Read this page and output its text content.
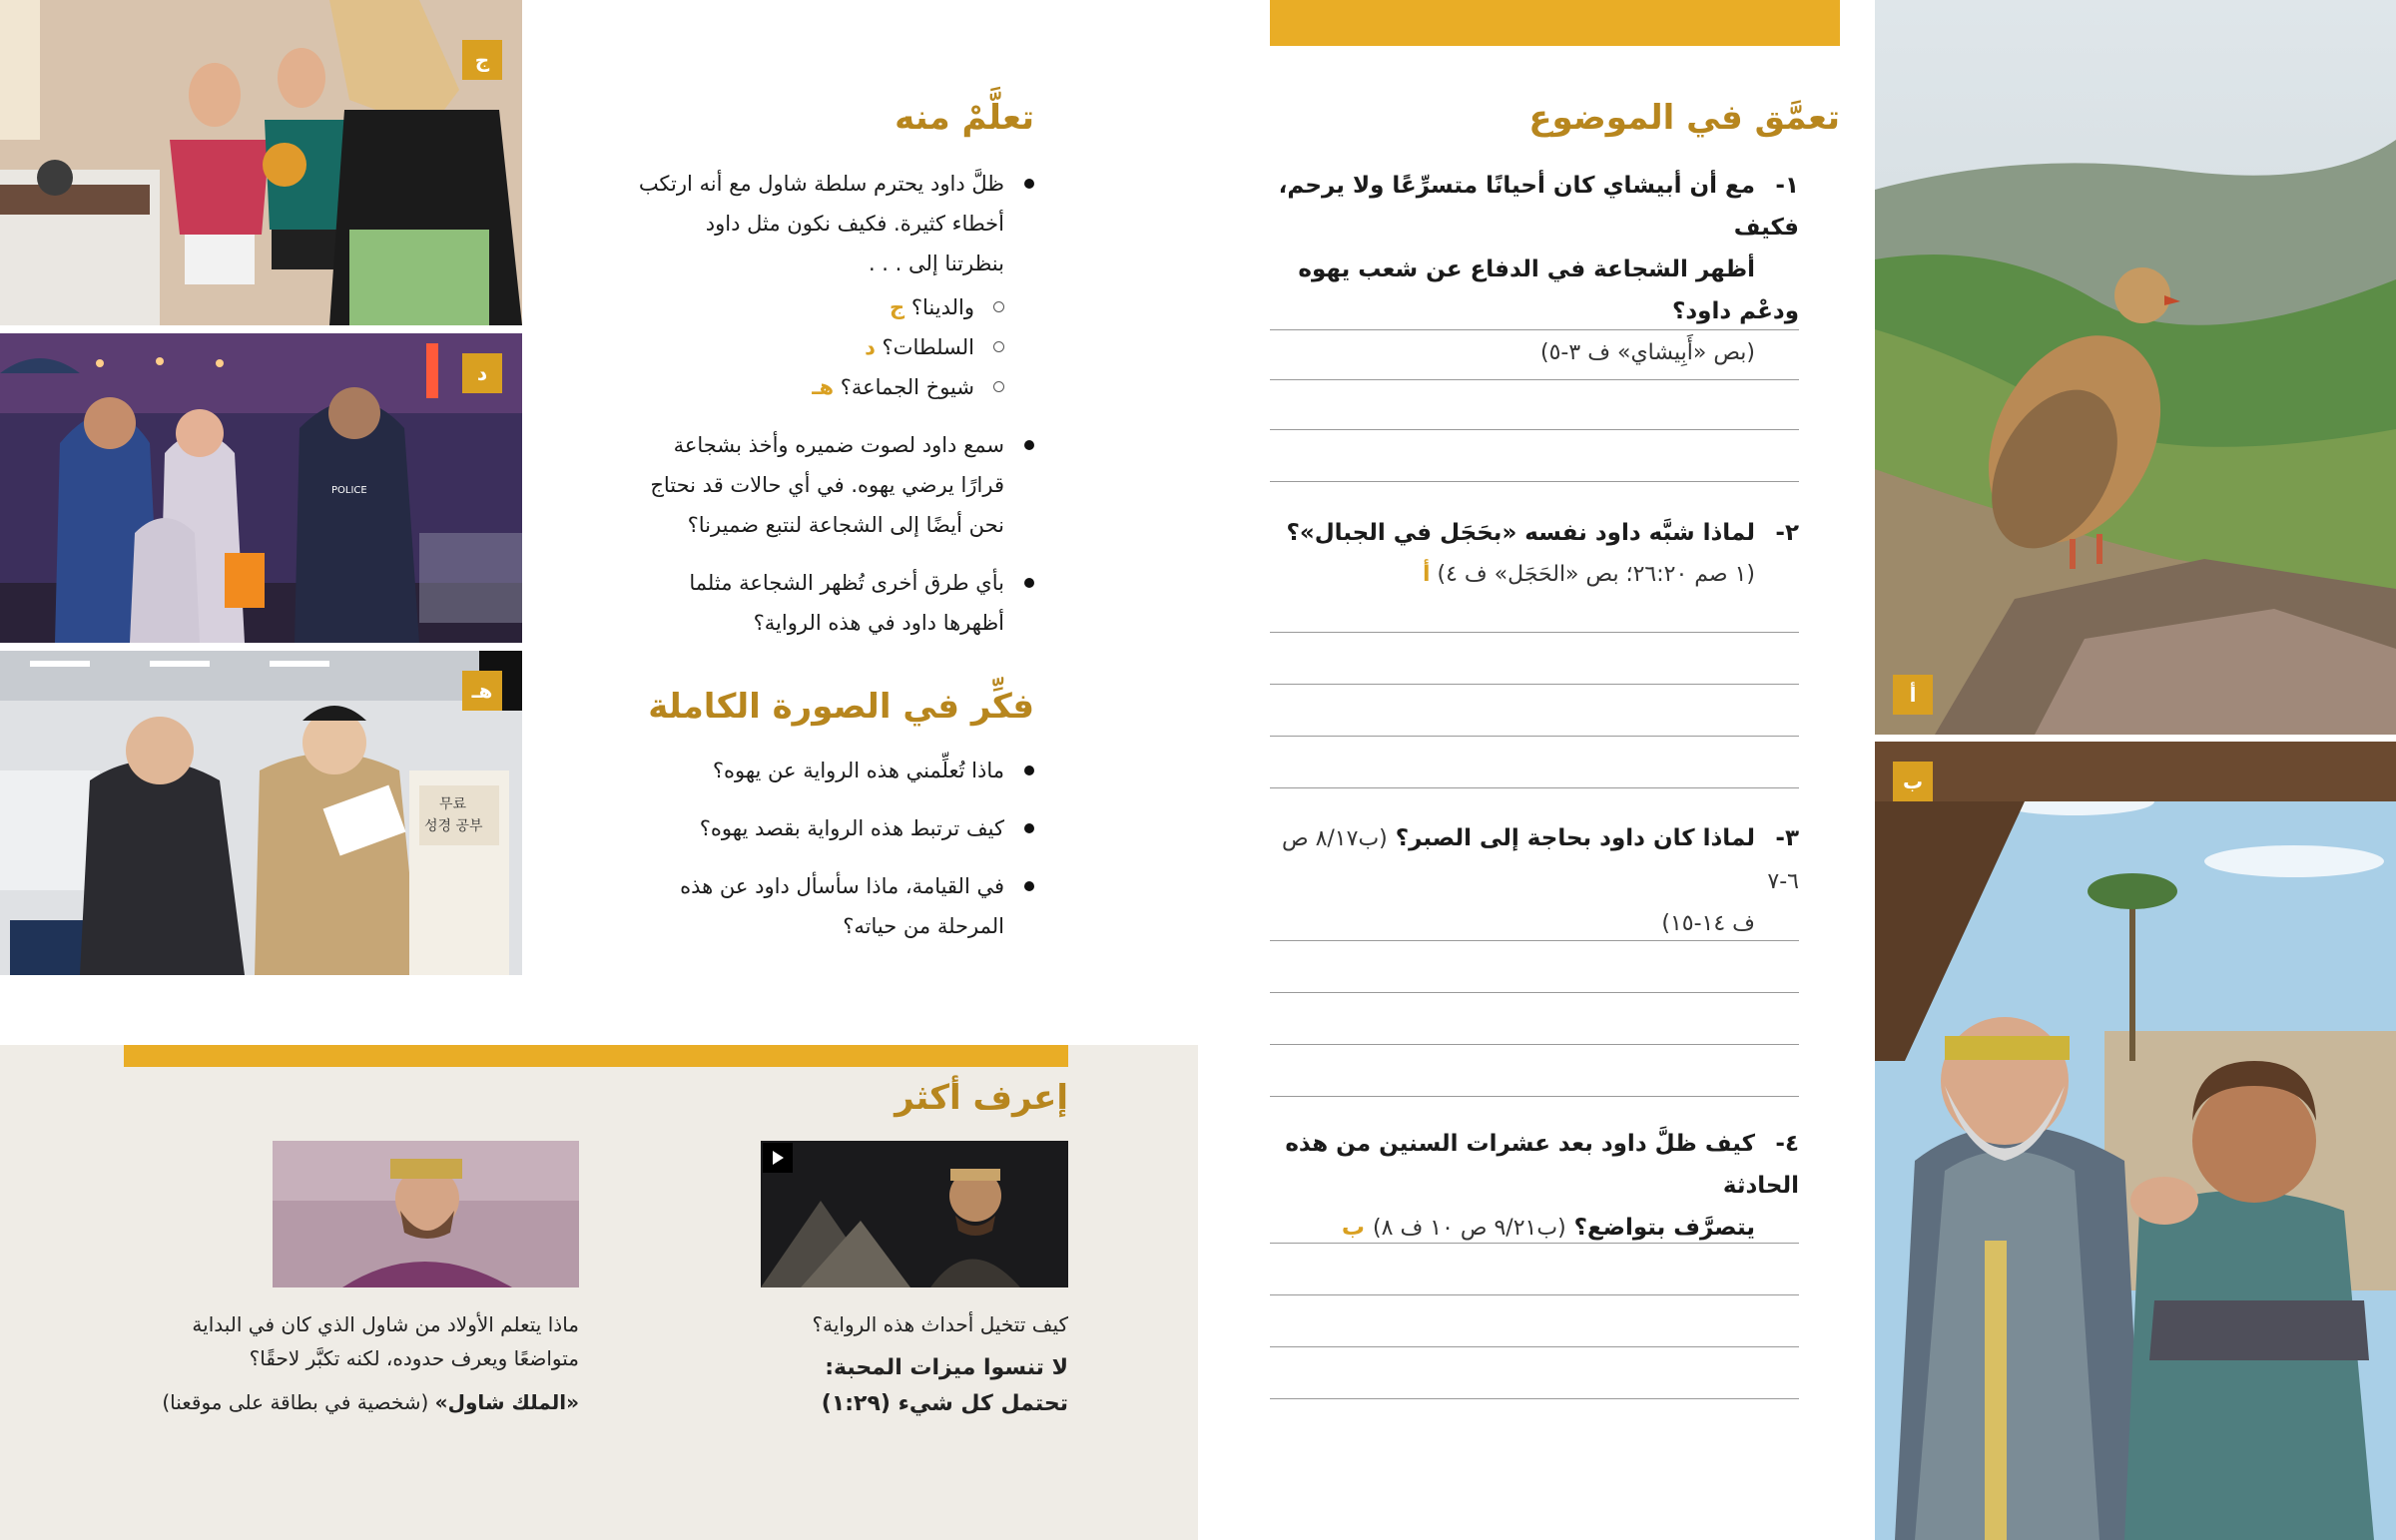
أ
ب
ج
POLICE
د
무료
성경 공부
هـ
تعمَّق في الموضوع
١-مع أن أبيشاي كان أحيانًا متسرِّعًا ولا يرحم، فكيف
أظهر الشجاعة في الدفاع عن شعب يهوه ودعْم داود؟
(بص «أَبِيشاي» ف ٣-٥)
٢-لماذا شبَّه داود نفسه «بحَجَل في الجبال»؟
(١ صم ٢٦:٢٠؛ بص «الحَجَل» ف ٤) أ
٣-لماذا كان داود بحاجة إلى الصبر؟ (ب٨/١٧ ص ٦-٧
ف ١٤-١٥)
٤-كيف ظلَّ داود بعد عشرات السنين من هذه الحادثة
يتصرَّف بتواضع؟ (ب٩/٢١ ص ١٠ ف ٨) ب
تعلَّمْ منه
ظلَّ داود يحترم سلطة شاول مع أنه ارتكب
أخطاء كثيرة. فكيف نكون مثل داود
بنظرتنا إلى . . .
والدينا؟ ج
السلطات؟ د
شيوخ الجماعة؟ هـ
سمع داود لصوت ضميره وأخذ بشجاعة
قرارًا يرضي يهوه. في أي حالات قد نحتاج
نحن أيضًا إلى الشجاعة لنتبع ضميرنا؟
بأي طرق أخرى تُظهر الشجاعة مثلما
أظهرها داود في هذه الرواية؟
فكِّر في الصورة الكاملة
ماذا تُعلِّمني هذه الرواية عن يهوه؟
كيف ترتبط هذه الرواية بقصد يهوه؟
في القيامة، ماذا سأسأل داود عن هذه
المرحلة من حياته؟
إعرف أكثر
كيف تتخيل أحداث هذه الرواية؟
لا تنسوا ميزات المحبة:
تحتمل كل شيء (١:٢٩)
ماذا يتعلم الأولاد من شاول الذي كان في البداية
متواضعًا ويعرف حدوده، لكنه تكبَّر لاحقًا؟
«الملك شاول» (شخصية في بطاقة على موقعنا)
